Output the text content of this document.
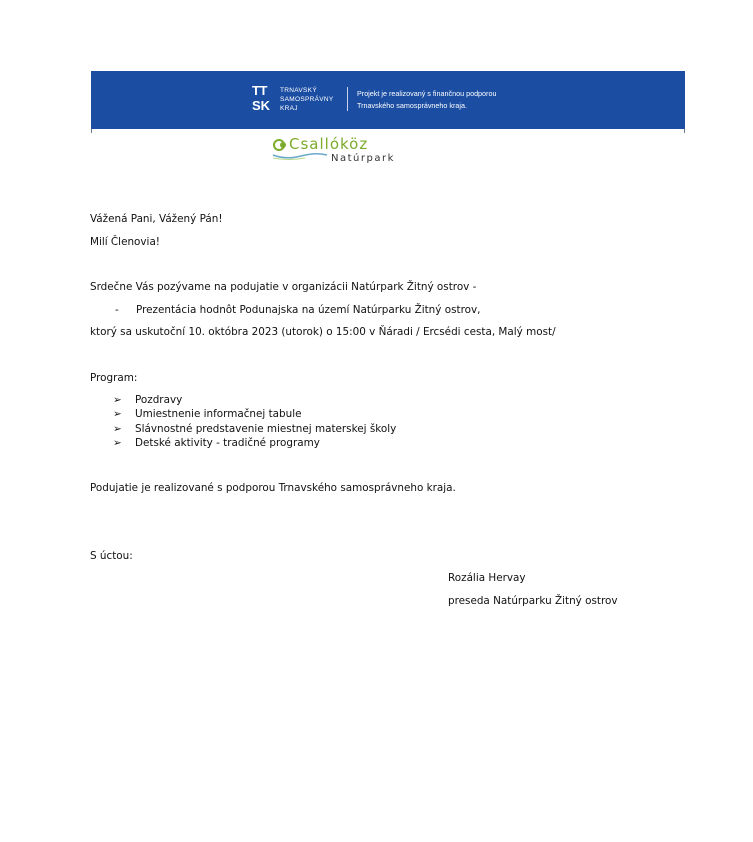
TT
SK
TRNAVSKÝ
SAMOSPRÁVNY
KRAJ
Projekt je realizovaný s finančnou podporou
Trnavského samosprávneho kraja.
Csallóköz
Natúrpark
Vážená Pani, Vážený Pán!
Milí Členovia!
Srdečne Vás pozývame na podujatie v organizácii Natúrpark Žitný ostrov -
- Prezentácia hodnôt Podunajska na území Natúrparku Žitný ostrov,
ktorý sa uskutoční 10. októbra 2023 (utorok) o 15:00 v Ňáradi / Ercsédi cesta, Malý most/
Program:
➢ Pozdravy
➢ Umiestnenie informačnej tabule
➢ Slávnostné predstavenie miestnej materskej školy
➢ Detské aktivity - tradičné programy
Podujatie je realizované s podporou Trnavského samosprávneho kraja.
S úctou:
Rozália Hervay
preseda Natúrparku Žitný ostrov
